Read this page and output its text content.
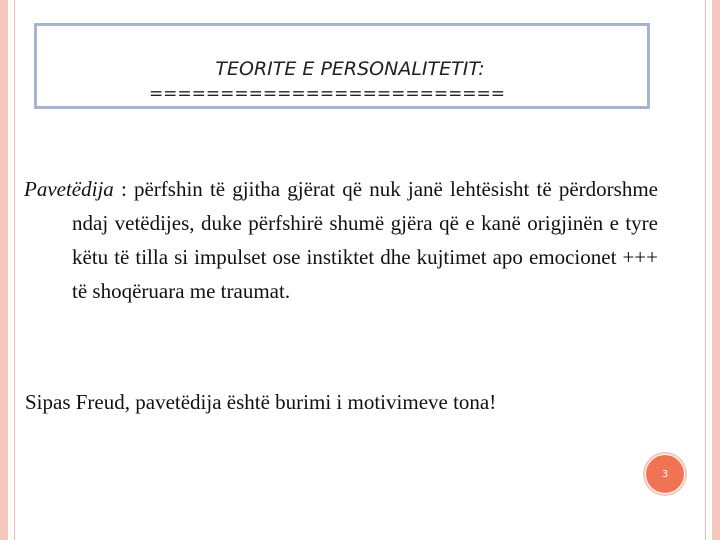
TEORITE E PERSONALITETIT:
=========================

Pavetëdija : përfshin të gjitha gjërat që nuk janë lehtësisht të përdorshme ndaj vetëdijes, duke përfshirë shumë gjëra që e kanë origjinën e tyre këtu të tilla si impulset ose instiktet dhe kujtimet apo emocionet +++ të shoqëruara me traumat.

Sipas Freud, pavetëdija është burimi i motivimeve tona!

3
